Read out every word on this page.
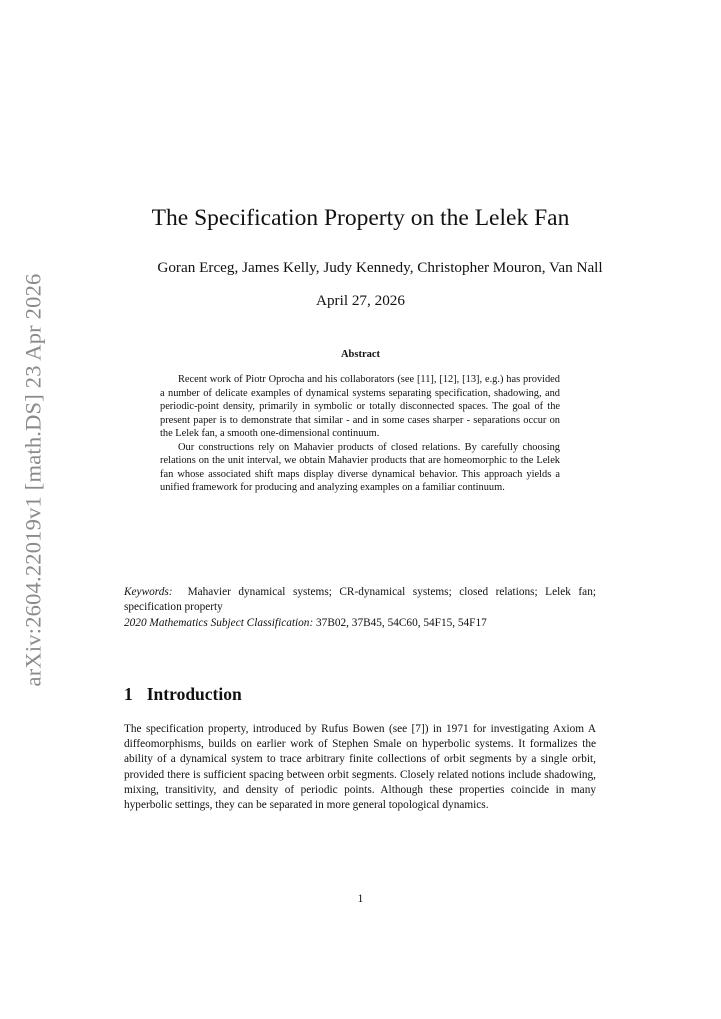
arXiv:2604.22019v1 [math.DS] 23 Apr 2026
The Specification Property on the Lelek Fan

Goran Erceg, James Kelly, Judy Kennedy, Christopher Mouron, Van Nall

April 27, 2026

Abstract

Recent work of Piotr Oprocha and his collaborators (see [11], [12], [13], e.g.) has provided a number of delicate examples of dynamical systems separating specification, shadowing, and periodic-point density, primarily in symbolic or totally disconnected spaces. The goal of the present paper is to demonstrate that similar - and in some cases sharper - separations occur on the Lelek fan, a smooth one-dimensional continuum.

Our constructions rely on Mahavier products of closed relations. By carefully choosing relations on the unit interval, we obtain Mahavier products that are homeomorphic to the Lelek fan whose associated shift maps display diverse dynamical behavior. This approach yields a unified framework for producing and analyzing examples on a familiar continuum.

Keywords: Mahavier dynamical systems; CR-dynamical systems; closed relations; Lelek fan; specification property

2020 Mathematics Subject Classification: 37B02, 37B45, 54C60, 54F15, 54F17

1 Introduction

The specification property, introduced by Rufus Bowen (see [7]) in 1971 for investigating Axiom A diffeomorphisms, builds on earlier work of Stephen Smale on hyperbolic systems. It formalizes the ability of a dynamical system to trace arbitrary finite collections of orbit segments by a single orbit, provided there is sufficient spacing between orbit segments. Closely related notions include shadowing, mixing, transitivity, and density of periodic points. Although these properties coincide in many hyperbolic settings, they can be separated in more general topological dynamics.

1
